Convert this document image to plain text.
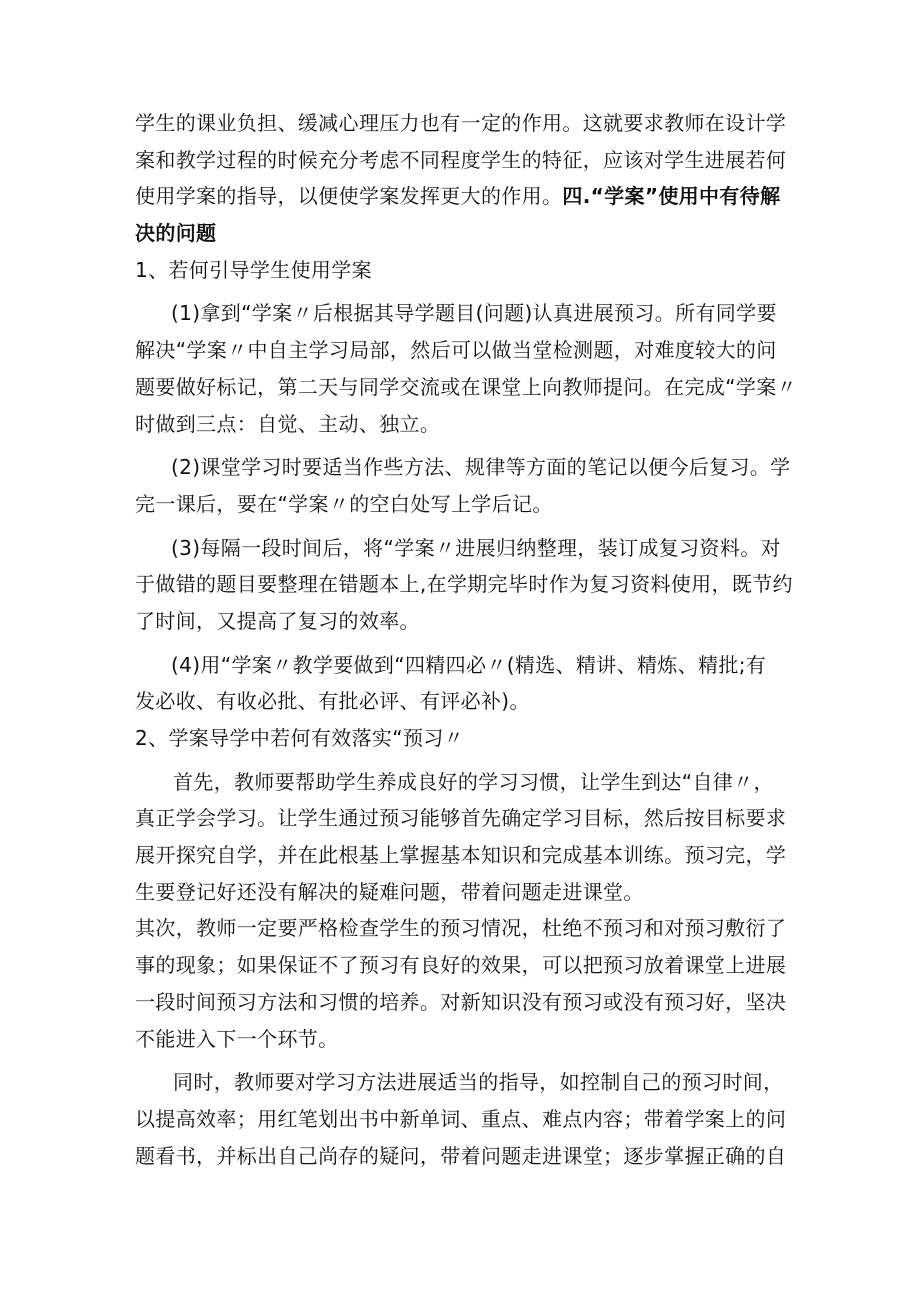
学生的课业负担、缓减心理压力也有一定的作用。这就要求教师在设计学
案和教学过程的时候充分考虑不同程度学生的特征，应该对学生进展若何
使用学案的指导，以便使学案发挥更大的作用。四.“学案”使用中有待解
决的问题
1、若何引导学生使用学案
(1)拿到“学案〃后根据其导学题目(问题)认真进展预习。所有同学要
解决“学案〃中自主学习局部，然后可以做当堂检测题，对难度较大的问
题要做好标记，第二天与同学交流或在课堂上向教师提问。在完成“学案〃
时做到三点：自觉、主动、独立。
(2)课堂学习时要适当作些方法、规律等方面的笔记以便今后复习。学
完一课后，要在“学案〃的空白处写上学后记。
(3)每隔一段时间后，将“学案〃进展归纳整理，装订成复习资料。对
于做错的题目要整理在错题本上,在学期完毕时作为复习资料使用，既节约
了时间，又提高了复习的效率。
(4)用“学案〃教学要做到“四精四必〃(精选、精讲、精炼、精批;有
发必收、有收必批、有批必评、有评必补)。
2、学案导学中若何有效落实“预习〃
首先，教师要帮助学生养成良好的学习习惯，让学生到达“自律〃，
真正学会学习。让学生通过预习能够首先确定学习目标，然后按目标要求
展开探究自学，并在此根基上掌握基本知识和完成基本训练。预习完，学
生要登记好还没有解决的疑难问题，带着问题走进课堂。
其次，教师一定要严格检查学生的预习情况，杜绝不预习和对预习敷衍了
事的现象；如果保证不了预习有良好的效果，可以把预习放着课堂上进展
一段时间预习方法和习惯的培养。对新知识没有预习或没有预习好，坚决
不能进入下一个环节。
同时，教师要对学习方法进展适当的指导，如控制自己的预习时间，
以提高效率；用红笔划出书中新单词、重点、难点内容；带着学案上的问
题看书，并标出自己尚存的疑问，带着问题走进课堂；逐步掌握正确的自
